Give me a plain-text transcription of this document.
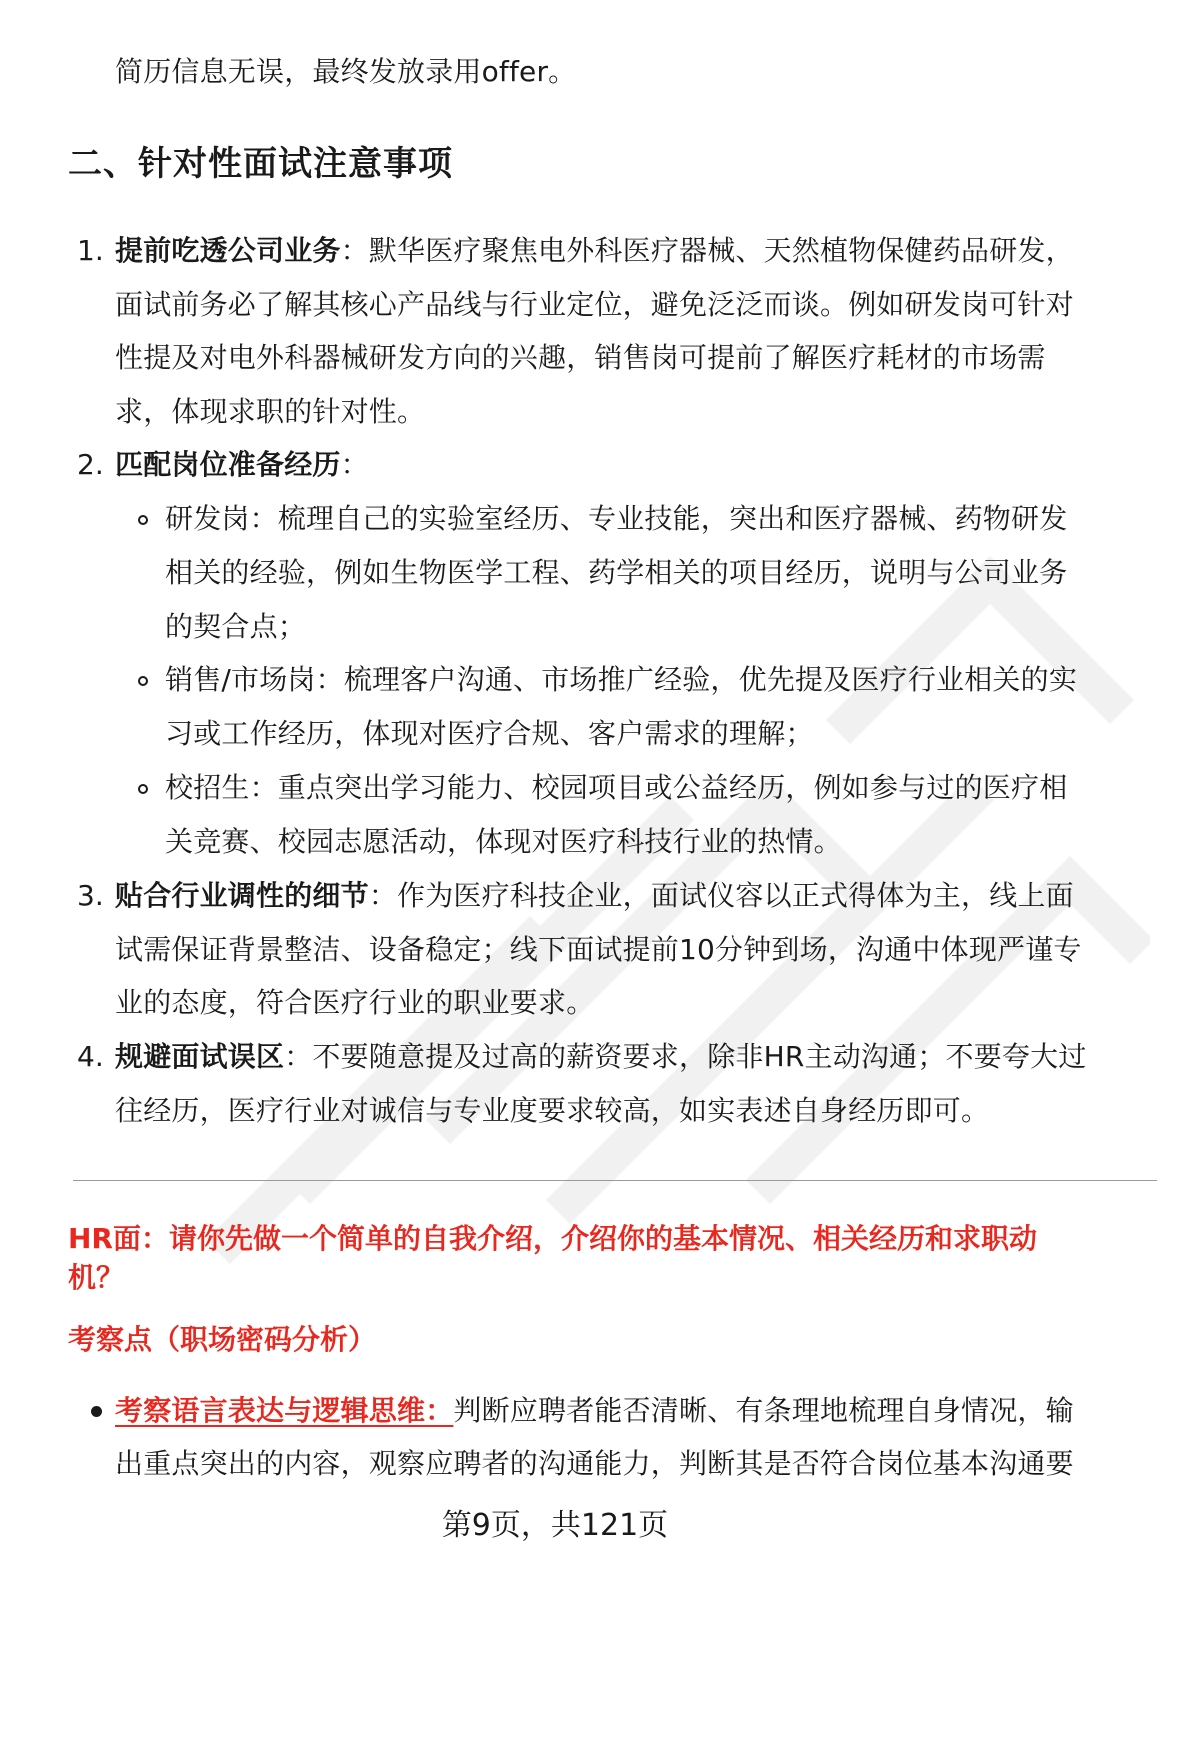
简历信息无误，最终发放录用offer。
二、针对性面试注意事项
1. 提前吃透公司业务：默华医疗聚焦电外科医疗器械、天然植物保健药品研发，
面试前务必了解其核心产品线与行业定位，避免泛泛而谈。例如研发岗可针对
性提及对电外科器械研发方向的兴趣，销售岗可提前了解医疗耗材的市场需
求，体现求职的针对性。
2. 匹配岗位准备经历：
研发岗：梳理自己的实验室经历、专业技能，突出和医疗器械、药物研发
相关的经验，例如生物医学工程、药学相关的项目经历，说明与公司业务
的契合点；
销售/市场岗：梳理客户沟通、市场推广经验，优先提及医疗行业相关的实
习或工作经历，体现对医疗合规、客户需求的理解；
校招生：重点突出学习能力、校园项目或公益经历，例如参与过的医疗相
关竞赛、校园志愿活动，体现对医疗科技行业的热情。
3. 贴合行业调性的细节：作为医疗科技企业，面试仪容以正式得体为主，线上面
试需保证背景整洁、设备稳定；线下面试提前10分钟到场，沟通中体现严谨专
业的态度，符合医疗行业的职业要求。
4. 规避面试误区：不要随意提及过高的薪资要求，除非HR主动沟通；不要夸大过
往经历，医疗行业对诚信与专业度要求较高，如实表述自身经历即可。
HR面：请你先做一个简单的自我介绍，介绍你的基本情况、相关经历和求职动
机？
考察点（职场密码分析）
考察语言表达与逻辑思维：判断应聘者能否清晰、有条理地梳理自身情况，输
出重点突出的内容，观察应聘者的沟通能力，判断其是否符合岗位基本沟通要
第9页，共121页
